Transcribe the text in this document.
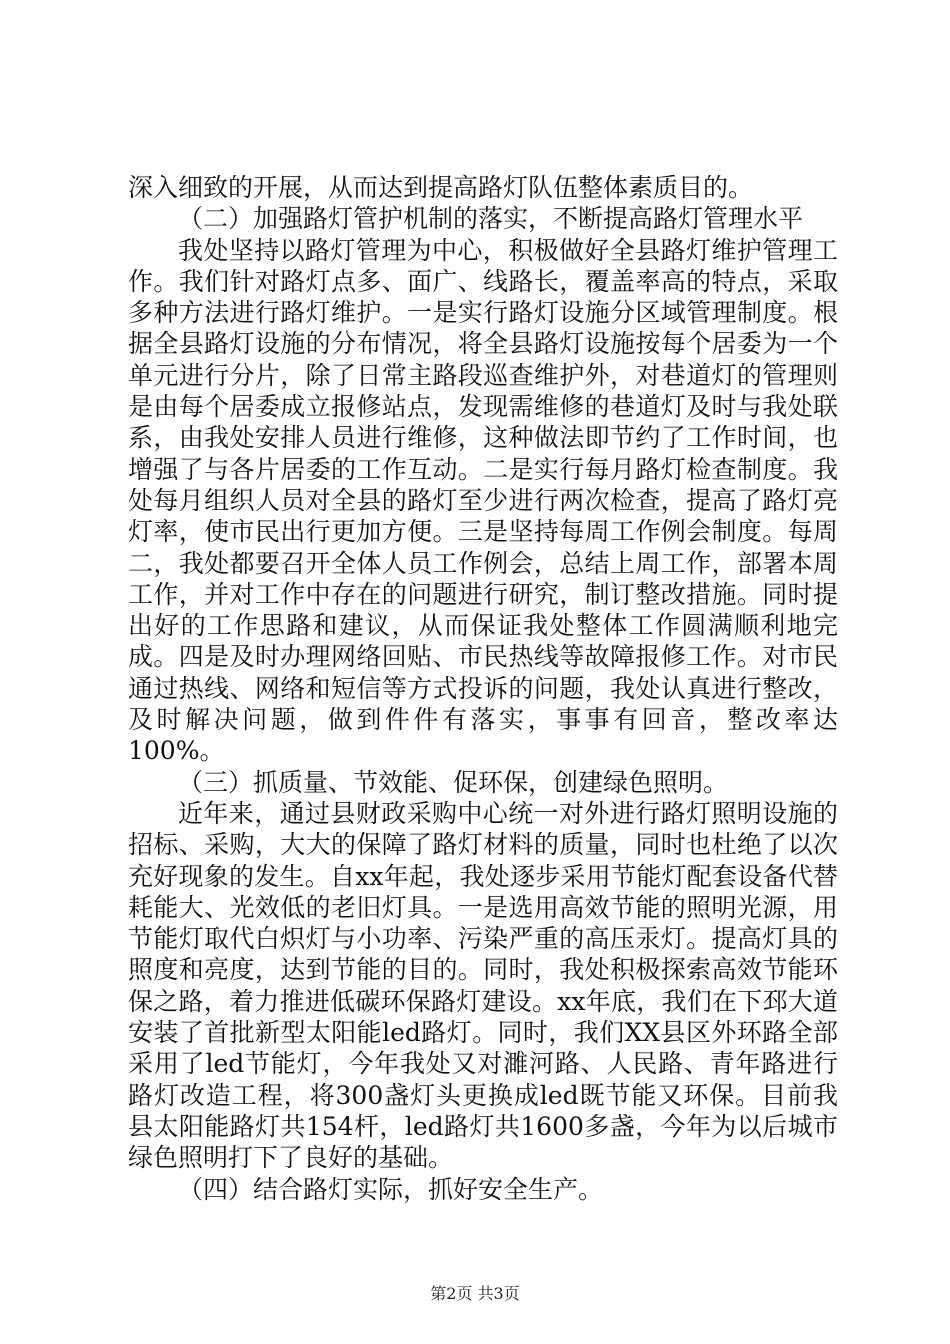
深入细致的开展，从而达到提高路灯队伍整体素质目的。

（二）加强路灯管护机制的落实，不断提高路灯管理水平

我处坚持以路灯管理为中心，积极做好全县路灯维护管理工作。我们针对路灯点多、面广、线路长，覆盖率高的特点，采取多种方法进行路灯维护。一是实行路灯设施分区域管理制度。根据全县路灯设施的分布情况，将全县路灯设施按每个居委为一个单元进行分片，除了日常主路段巡查维护外，对巷道灯的管理则是由每个居委成立报修站点，发现需维修的巷道灯及时与我处联系，由我处安排人员进行维修，这种做法即节约了工作时间，也增强了与各片居委的工作互动。二是实行每月路灯检查制度。我处每月组织人员对全县的路灯至少进行两次检查，提高了路灯亮灯率，使市民出行更加方便。三是坚持每周工作例会制度。每周二，我处都要召开全体人员工作例会，总结上周工作，部署本周工作，并对工作中存在的问题进行研究，制订整改措施。同时提出好的工作思路和建议，从而保证我处整体工作圆满顺利地完成。四是及时办理网络回贴、市民热线等故障报修工作。对市民通过热线、网络和短信等方式投诉的问题，我处认真进行整改，及时解决问题，做到件件有落实，事事有回音，整改率达100%。

（三）抓质量、节效能、促环保，创建绿色照明。

近年来，通过县财政采购中心统一对外进行路灯照明设施的招标、采购，大大的保障了路灯材料的质量，同时也杜绝了以次充好现象的发生。自xx年起，我处逐步采用节能灯配套设备代替耗能大、光效低的老旧灯具。一是选用高效节能的照明光源，用节能灯取代白炽灯与小功率、污染严重的高压汞灯。提高灯具的照度和亮度，达到节能的目的。同时，我处积极探索高效节能环保之路，着力推进低碳环保路灯建设。xx年底，我们在下邳大道安装了首批新型太阳能led路灯。同时，我们XX县区外环路全部采用了led节能灯，今年我处又对濉河路、人民路、青年路进行路灯改造工程，将300盏灯头更换成led既节能又环保。目前我县太阳能路灯共154杆，led路灯共1600多盏，今年为以后城市绿色照明打下了良好的基础。

（四）结合路灯实际，抓好安全生产。

第2页 共3页
